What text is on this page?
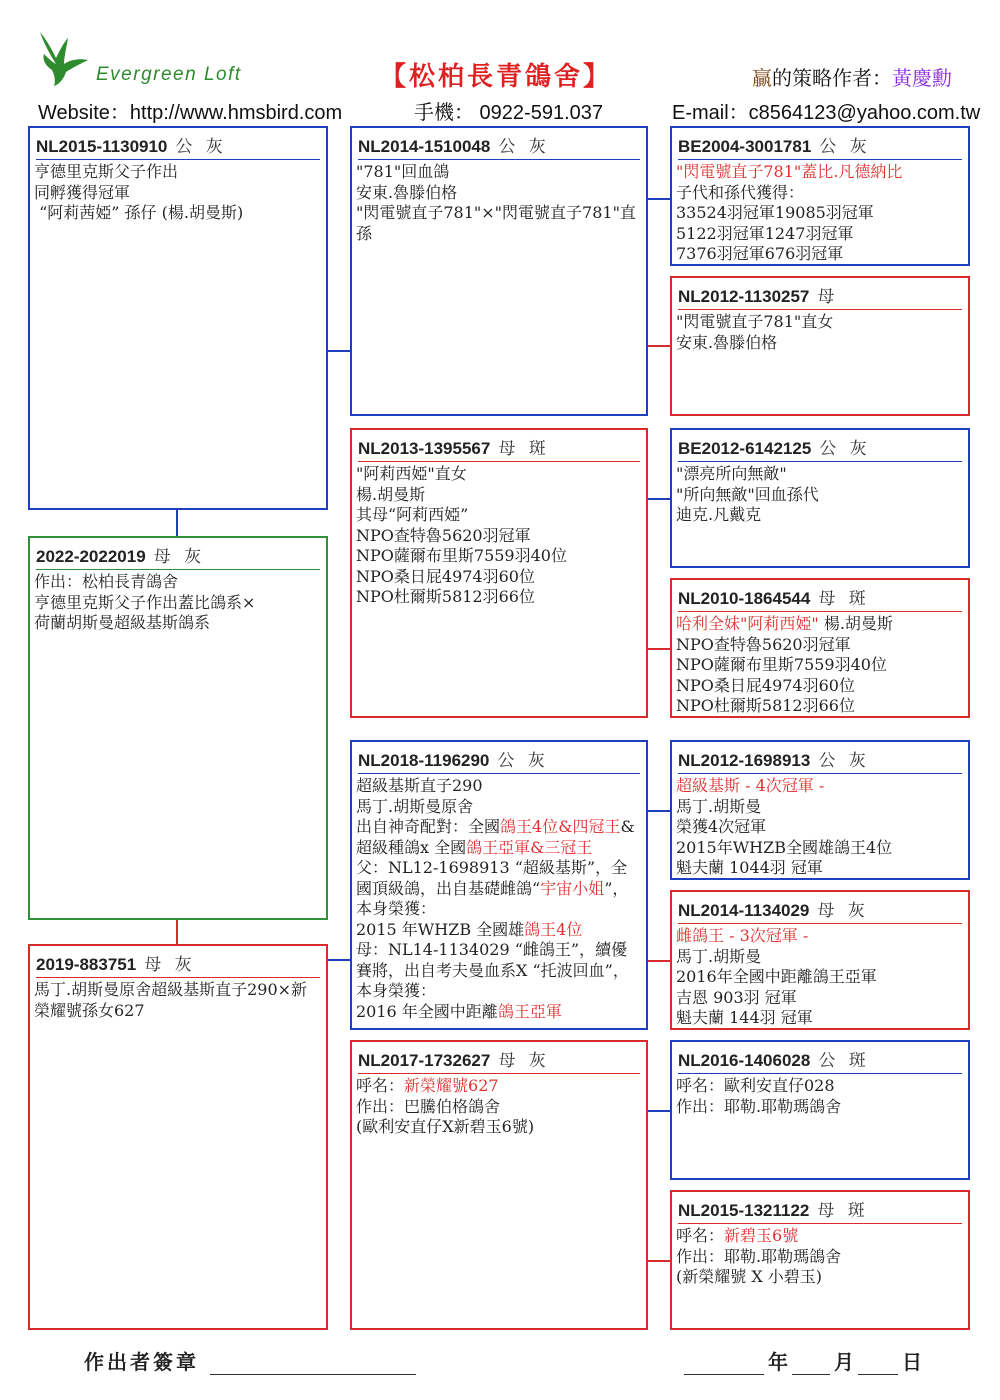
Evergreen Loft
Website：http://www.hmsbird.com
【松柏長青鴿舍】
手機： 0922-591.037
贏的策略作者：黃慶勳
E-mail：c8564123@yahoo.com.tw
NL2015-1130910 公 灰
亨德里克斯父子作出
同孵獲得冠軍
“阿莉茜婭” 孫仔 (楊.胡曼斯)
2022-2022019 母 灰
作出：松柏長青鴿舍
亨德里克斯父子作出蓋比鴿系×
荷蘭胡斯曼超級基斯鴿系
2019-883751 母 灰
馬丁.胡斯曼原舍超級基斯直子290×新榮耀號孫女627
NL2014-1510048 公 灰
"781"回血鴿
安東.魯滕伯格
"閃電號直子781"×"閃電號直子781"直孫
NL2013-1395567 母 斑
"阿莉西婭"直女
楊.胡曼斯
其母“阿莉西婭”
NPO查特魯5620羽冠軍
NPO薩爾布里斯7559羽40位
NPO桑日屁4974羽60位
NPO杜爾斯5812羽66位
NL2018-1196290 公 灰
超級基斯直子290
馬丁.胡斯曼原舍
出自神奇配對：全國鴿王4位&四冠王&超級種鴿x 全國鴿王亞軍&三冠王
父：NL12-1698913 “超級基斯”，全國頂級鴿，出自基礎雌鴿“宇宙小姐”，本身榮獲：
2015 年WHZB 全國雄鴿王4位
母：NL14-1134029 “雌鴿王”，續優賽將，出自考夫曼血系X “托波回血”，本身榮獲：
2016 年全國中距離鴿王亞軍
NL2017-1732627 母 灰
呼名：新榮耀號627
作出：巴騰伯格鴿舍
(歐利安直仔X新碧玉6號)
BE2004-3001781 公 灰
"閃電號直子781"蓋比.凡德納比
子代和孫代獲得：
33524羽冠軍19085羽冠軍
5122羽冠軍1247羽冠軍
7376羽冠軍676羽冠軍
NL2012-1130257 母
"閃電號直子781"直女
安東.魯滕伯格
BE2012-6142125 公 灰
"漂亮所向無敵"
"所向無敵"回血孫代
迪克.凡戴克
NL2010-1864544 母 斑
哈利全妹"阿莉西婭" 楊.胡曼斯
NPO查特魯5620羽冠軍
NPO薩爾布里斯7559羽40位
NPO桑日屁4974羽60位
NPO杜爾斯5812羽66位
NL2012-1698913 公 灰
超級基斯 - 4次冠軍 -
馬丁.胡斯曼
榮獲4次冠軍
2015年WHZB全國雄鴿王4位
魁夫蘭 1044羽 冠軍
NL2014-1134029 母 灰
雌鴿王 - 3次冠軍 -
馬丁.胡斯曼
2016年全國中距離鴿王亞軍
吉恩 903羽 冠軍
魁夫蘭 144羽 冠軍
NL2016-1406028 公 斑
呼名：歐利安直仔028
作出：耶勒.耶勒瑪鴿舍
NL2015-1321122 母 斑
呼名：新碧玉6號
作出：耶勒.耶勒瑪鴿舍
(新榮耀號 X 小碧玉)
作出者簽章	年 月 日
